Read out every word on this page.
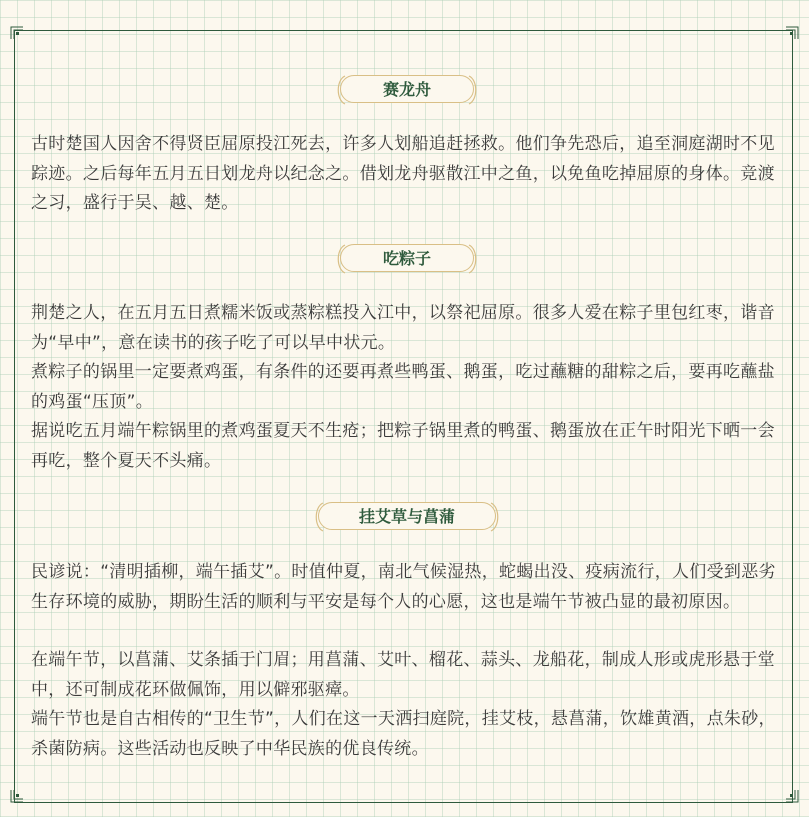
赛龙舟

古时楚国人因舍不得贤臣屈原投江死去，许多人划船追赶拯救。他们争先恐后，追至洞庭湖时不见踪迹。之后每年五月五日划龙舟以纪念之。借划龙舟驱散江中之鱼，以免鱼吃掉屈原的身体。竞渡之习，盛行于吴、越、楚。

吃粽子

荆楚之人，在五月五日煮糯米饭或蒸粽糕投入江中，以祭祀屈原。很多人爱在粽子里包红枣，谐音为“早中”，意在读书的孩子吃了可以早中状元。

煮粽子的锅里一定要煮鸡蛋，有条件的还要再煮些鸭蛋、鹅蛋，吃过蘸糖的甜粽之后，要再吃蘸盐的鸡蛋“压顶”。

据说吃五月端午粽锅里的煮鸡蛋夏天不生疮；把粽子锅里煮的鸭蛋、鹅蛋放在正午时阳光下晒一会再吃，整个夏天不头痛。

挂艾草与菖蒲

民谚说：“清明插柳，端午插艾”。时值仲夏，南北气候湿热，蛇蝎出没、疫病流行，人们受到恶劣生存环境的威胁，期盼生活的顺利与平安是每个人的心愿，这也是端午节被凸显的最初原因。

在端午节，以菖蒲、艾条插于门眉；用菖蒲、艾叶、榴花、蒜头、龙船花，制成人形或虎形悬于堂中，还可制成花环做佩饰，用以僻邪驱瘴。

端午节也是自古相传的“卫生节”，人们在这一天洒扫庭院，挂艾枝，悬菖蒲，饮雄黄酒，点朱砂，杀菌防病。这些活动也反映了中华民族的优良传统。
